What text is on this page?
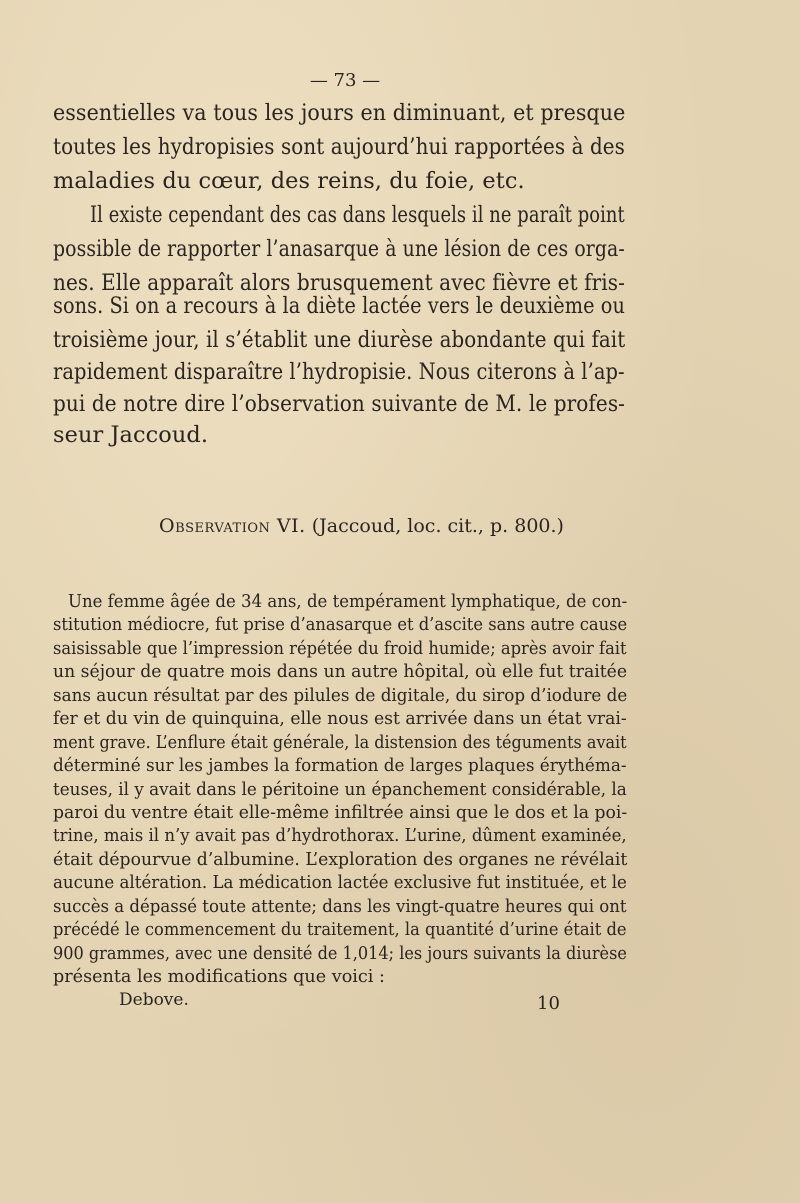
— 73 —
essentielles va tous les jours en diminuant, et presque
toutes les hydropisies sont aujourd’hui rapportées à des
maladies du cœur, des reins, du foie, etc.
Il existe cependant des cas dans lesquels il ne paraît point
possible de rapporter l’anasarque à une lésion de ces orga-
nes. Elle apparaît alors brusquement avec fièvre et fris-
sons. Si on a recours à la diète lactée vers le deuxième ou
troisième jour, il s’établit une diurèse abondante qui fait
rapidement disparaître l’hydropisie. Nous citerons à l’ap-
pui de notre dire l’observation suivante de M. le profes-
seur Jaccoud.
Observation VI. (Jaccoud, loc. cit., p. 800.)
Une femme âgée de 34 ans, de tempérament lymphatique, de con-
stitution médiocre, fut prise d’anasarque et d’ascite sans autre cause
saisissable que l’impression répétée du froid humide; après avoir fait
un séjour de quatre mois dans un autre hôpital, où elle fut traitée
sans aucun résultat par des pilules de digitale, du sirop d’iodure de
fer et du vin de quinquina, elle nous est arrivée dans un état vrai-
ment grave. L’enflure était générale, la distension des téguments avait
déterminé sur les jambes la formation de larges plaques érythéma-
teuses, il y avait dans le péritoine un épanchement considérable, la
paroi du ventre était elle-même infiltrée ainsi que le dos et la poi-
trine, mais il n’y avait pas d’hydrothorax. L’urine, dûment examinée,
était dépourvue d’albumine. L’exploration des organes ne révélait
aucune altération. La médication lactée exclusive fut instituée, et le
succès a dépassé toute attente; dans les vingt-quatre heures qui ont
précédé le commencement du traitement, la quantité d’urine était de
900 grammes, avec une densité de 1,014; les jours suivants la diurèse
présenta les modifications que voici :
Debove.	10
